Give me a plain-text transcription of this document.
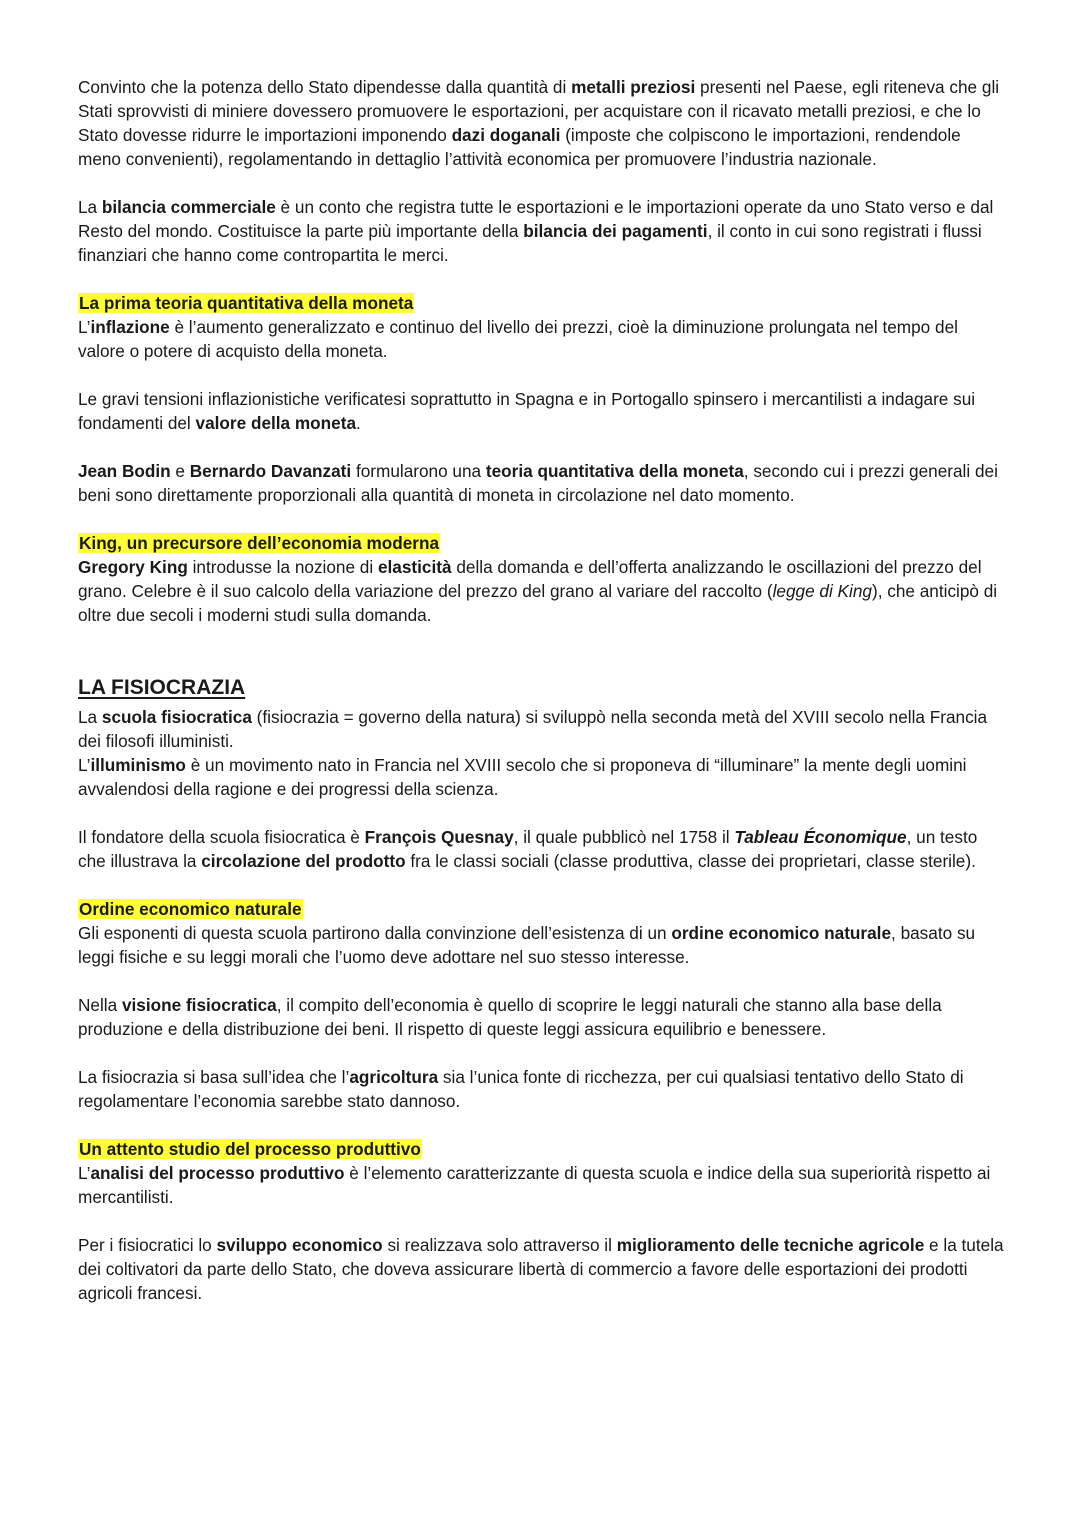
Convinto che la potenza dello Stato dipendesse dalla quantità di metalli preziosi presenti nel Paese, egli riteneva che gli Stati sprovvisti di miniere dovessero promuovere le esportazioni, per acquistare con il ricavato metalli preziosi, e che lo Stato dovesse ridurre le importazioni imponendo dazi doganali (imposte che colpiscono le importazioni, rendendole meno convenienti), regolamentando in dettaglio l’attività economica per promuovere l’industria nazionale.

La bilancia commerciale è un conto che registra tutte le esportazioni e le importazioni operate da uno Stato verso e dal Resto del mondo. Costituisce la parte più importante della bilancia dei pagamenti, il conto in cui sono registrati i flussi finanziari che hanno come contropartita le merci.

La prima teoria quantitativa della moneta

L’inflazione è l’aumento generalizzato e continuo del livello dei prezzi, cioè la diminuzione prolungata nel tempo del valore o potere di acquisto della moneta.

Le gravi tensioni inflazionistiche verificatesi soprattutto in Spagna e in Portogallo spinsero i mercantilisti a indagare sui fondamenti del valore della moneta.

Jean Bodin e Bernardo Davanzati formularono una teoria quantitativa della moneta, secondo cui i prezzi generali dei beni sono direttamente proporzionali alla quantità di moneta in circolazione nel dato momento.

King, un precursore dell’economia moderna

Gregory King introdusse la nozione di elasticità della domanda e dell’offerta analizzando le oscillazioni del prezzo del grano. Celebre è il suo calcolo della variazione del prezzo del grano al variare del raccolto (legge di King), che anticipò di oltre due secoli i moderni studi sulla domanda.

LA FISIOCRAZIA

La scuola fisiocratica (fisiocrazia = governo della natura) si sviluppò nella seconda metà del XVIII secolo nella Francia dei filosofi illuministi.

L’illuminismo è un movimento nato in Francia nel XVIII secolo che si proponeva di “illuminare” la mente degli uomini avvalendosi della ragione e dei progressi della scienza.

Il fondatore della scuola fisiocratica è François Quesnay, il quale pubblicò nel 1758 il Tableau Économique, un testo che illustrava la circolazione del prodotto fra le classi sociali (classe produttiva, classe dei proprietari, classe sterile).

Ordine economico naturale

Gli esponenti di questa scuola partirono dalla convinzione dell’esistenza di un ordine economico naturale, basato su leggi fisiche e su leggi morali che l’uomo deve adottare nel suo stesso interesse.

Nella visione fisiocratica, il compito dell’economia è quello di scoprire le leggi naturali che stanno alla base della produzione e della distribuzione dei beni. Il rispetto di queste leggi assicura equilibrio e benessere.

La fisiocrazia si basa sull’idea che l’agricoltura sia l’unica fonte di ricchezza, per cui qualsiasi tentativo dello Stato di regolamentare l’economia sarebbe stato dannoso.

Un attento studio del processo produttivo

L’analisi del processo produttivo è l’elemento caratterizzante di questa scuola e indice della sua superiorità rispetto ai mercantilisti.

Per i fisiocratici lo sviluppo economico si realizzava solo attraverso il miglioramento delle tecniche agricole e la tutela dei coltivatori da parte dello Stato, che doveva assicurare libertà di commercio a favore delle esportazioni dei prodotti agricoli francesi.
